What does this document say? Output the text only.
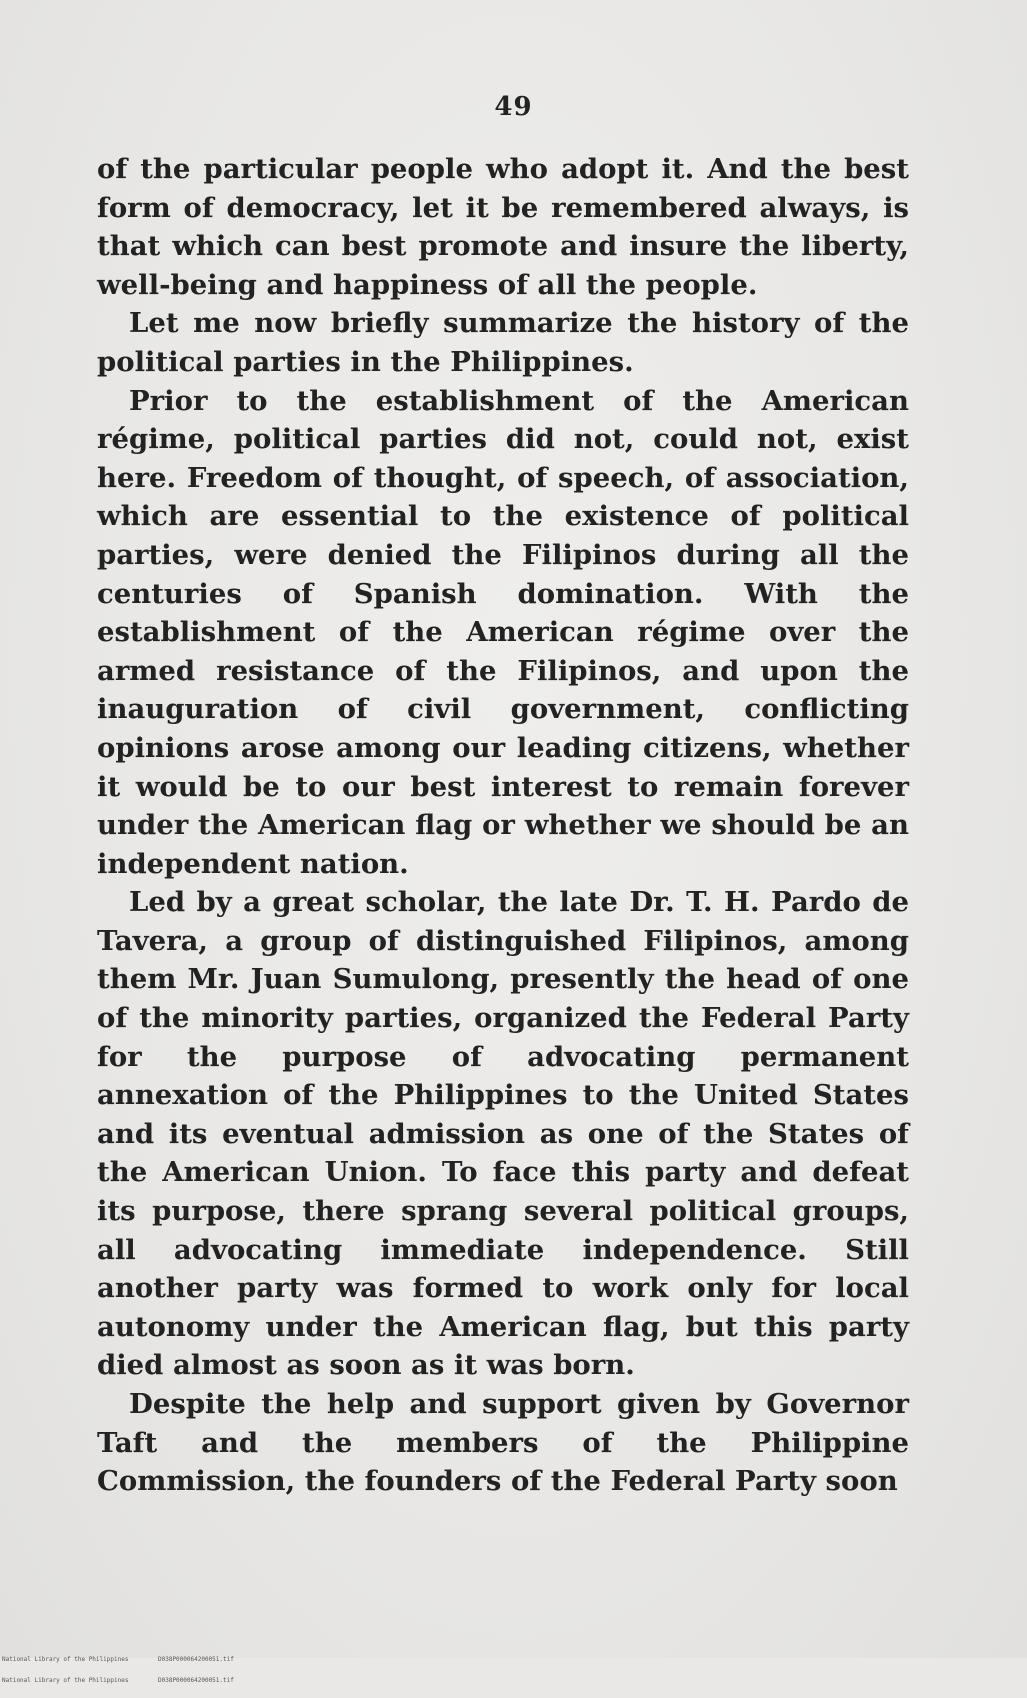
49

of the particular people who adopt it. And the best form of democracy, let it be remembered always, is that which can best promote and insure the liberty, well-being and happiness of all the people.

Let me now briefly summarize the history of the political parties in the Philippines.

Prior to the establishment of the American régime, political parties did not, could not, exist here. Freedom of thought, of speech, of association, which are essential to the existence of political parties, were denied the Filipinos during all the centuries of Spanish domination. With the establishment of the American régime over the armed resistance of the Filipinos, and upon the inauguration of civil government, conflicting opinions arose among our leading citizens, whether it would be to our best interest to remain forever under the American flag or whether we should be an independent nation.

Led by a great scholar, the late Dr. T. H. Pardo de Tavera, a group of distinguished Filipinos, among them Mr. Juan Sumulong, presently the head of one of the minority parties, organized the Federal Party for the purpose of advocating permanent annexation of the Philippines to the United States and its eventual admission as one of the States of the American Union. To face this party and defeat its purpose, there sprang several political groups, all advocating immediate independence. Still another party was formed to work only for local autonomy under the American flag, but this party died almost as soon as it was born.

Despite the help and support given by Governor Taft and the members of the Philippine Commission, the founders of the Federal Party soon

National Library of the Philippines	D038P000064200051.tif

National Library of the Philippines	D038P000064200051.tif
